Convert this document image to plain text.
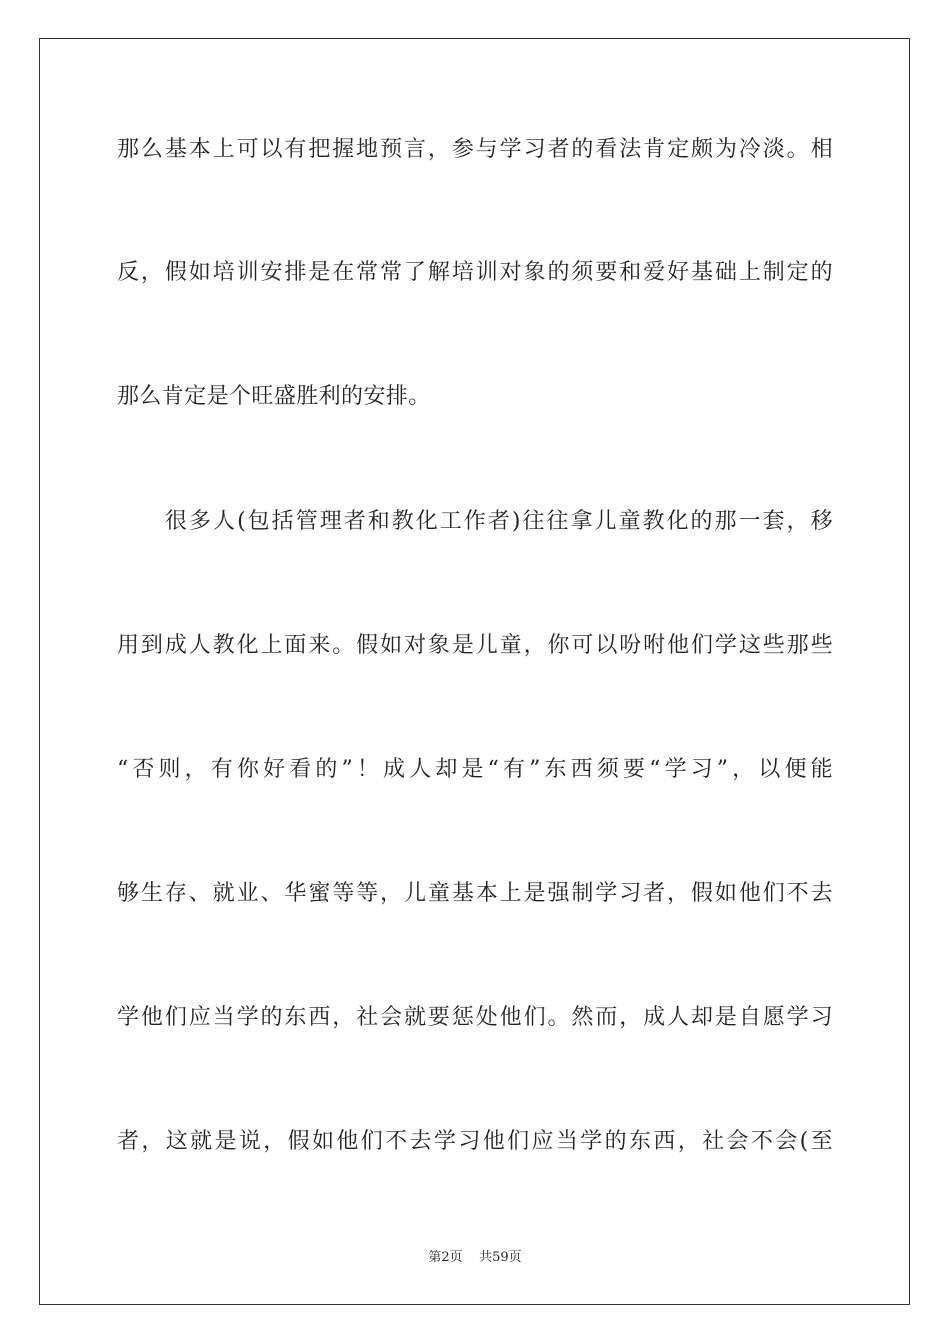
那么基本上可以有把握地预言，参与学习者的看法肯定颇为冷淡。相
反，假如培训安排是在常常了解培训对象的须要和爱好基础上制定的
那么肯定是个旺盛胜利的安排。
　　很多人(包括管理者和教化工作者)往往拿儿童教化的那一套，移
用到成人教化上面来。假如对象是儿童，你可以吩咐他们学这些那些
“否则，有你好看的”！成人却是“有”东西须要“学习”，以便能
够生存、就业、华蜜等等，儿童基本上是强制学习者，假如他们不去
学他们应当学的东西，社会就要惩处他们。然而，成人却是自愿学习
者，这就是说，假如他们不去学习他们应当学的东西，社会不会(至
第2页 共59页
